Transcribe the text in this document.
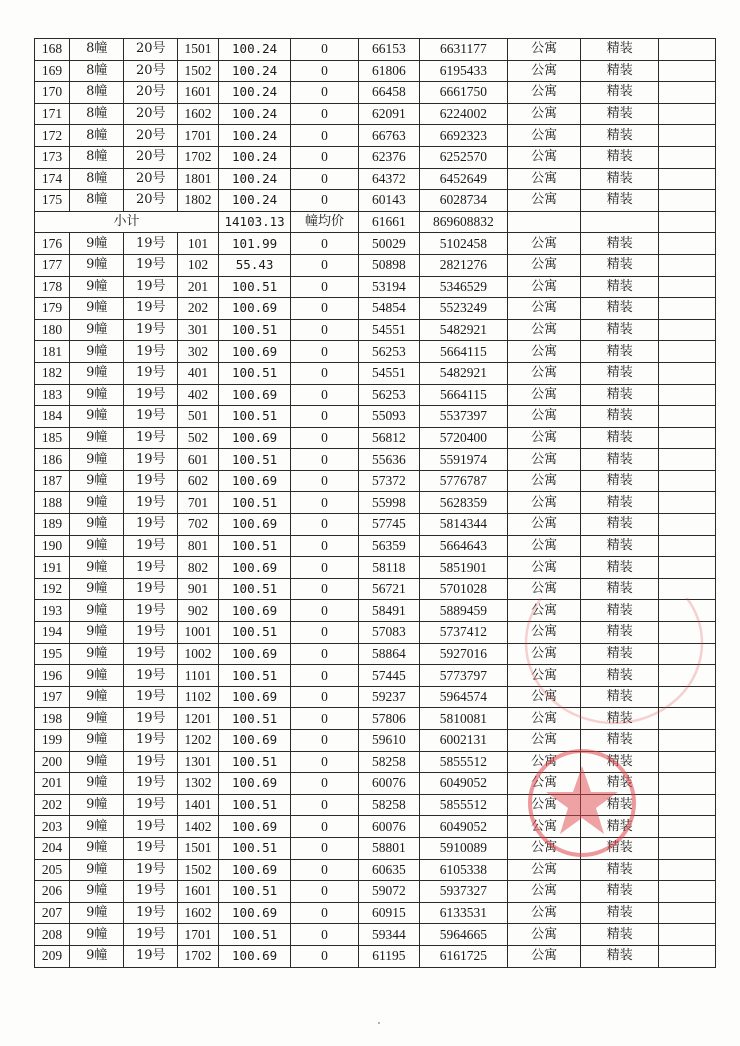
168	8幢	20号	1501	100.24	0	66153	6631177	公寓	精装	
169	8幢	20号	1502	100.24	0	61806	6195433	公寓	精装	
170	8幢	20号	1601	100.24	0	66458	6661750	公寓	精装	
171	8幢	20号	1602	100.24	0	62091	6224002	公寓	精装	
172	8幢	20号	1701	100.24	0	66763	6692323	公寓	精装	
173	8幢	20号	1702	100.24	0	62376	6252570	公寓	精装	
174	8幢	20号	1801	100.24	0	64372	6452649	公寓	精装	
175	8幢	20号	1802	100.24	0	60143	6028734	公寓	精装	
小计				14103.13	幢均价	61661	869608832			
176	9幢	19号	101	101.99	0	50029	5102458	公寓	精装	
177	9幢	19号	102	55.43	0	50898	2821276	公寓	精装	
178	9幢	19号	201	100.51	0	53194	5346529	公寓	精装	
179	9幢	19号	202	100.69	0	54854	5523249	公寓	精装	
180	9幢	19号	301	100.51	0	54551	5482921	公寓	精装	
181	9幢	19号	302	100.69	0	56253	5664115	公寓	精装	
182	9幢	19号	401	100.51	0	54551	5482921	公寓	精装	
183	9幢	19号	402	100.69	0	56253	5664115	公寓	精装	
184	9幢	19号	501	100.51	0	55093	5537397	公寓	精装	
185	9幢	19号	502	100.69	0	56812	5720400	公寓	精装	
186	9幢	19号	601	100.51	0	55636	5591974	公寓	精装	
187	9幢	19号	602	100.69	0	57372	5776787	公寓	精装	
188	9幢	19号	701	100.51	0	55998	5628359	公寓	精装	
189	9幢	19号	702	100.69	0	57745	5814344	公寓	精装	
190	9幢	19号	801	100.51	0	56359	5664643	公寓	精装	
191	9幢	19号	802	100.69	0	58118	5851901	公寓	精装	
192	9幢	19号	901	100.51	0	56721	5701028	公寓	精装	
193	9幢	19号	902	100.69	0	58491	5889459	公寓	精装	
194	9幢	19号	1001	100.51	0	57083	5737412	公寓	精装	
195	9幢	19号	1002	100.69	0	58864	5927016	公寓	精装	
196	9幢	19号	1101	100.51	0	57445	5773797	公寓	精装	
197	9幢	19号	1102	100.69	0	59237	5964574	公寓	精装	
198	9幢	19号	1201	100.51	0	57806	5810081	公寓	精装	
199	9幢	19号	1202	100.69	0	59610	6002131	公寓	精装	
200	9幢	19号	1301	100.51	0	58258	5855512	公寓	精装	
201	9幢	19号	1302	100.69	0	60076	6049052	公寓	精装	
202	9幢	19号	1401	100.51	0	58258	5855512	公寓	精装	
203	9幢	19号	1402	100.69	0	60076	6049052	公寓	精装	
204	9幢	19号	1501	100.51	0	58801	5910089	公寓	精装	
205	9幢	19号	1502	100.69	0	60635	6105338	公寓	精装	
206	9幢	19号	1601	100.51	0	59072	5937327	公寓	精装	
207	9幢	19号	1602	100.69	0	60915	6133531	公寓	精装	
208	9幢	19号	1701	100.51	0	59344	5964665	公寓	精装	
209	9幢	19号	1702	100.69	0	61195	6161725	公寓	精装	
